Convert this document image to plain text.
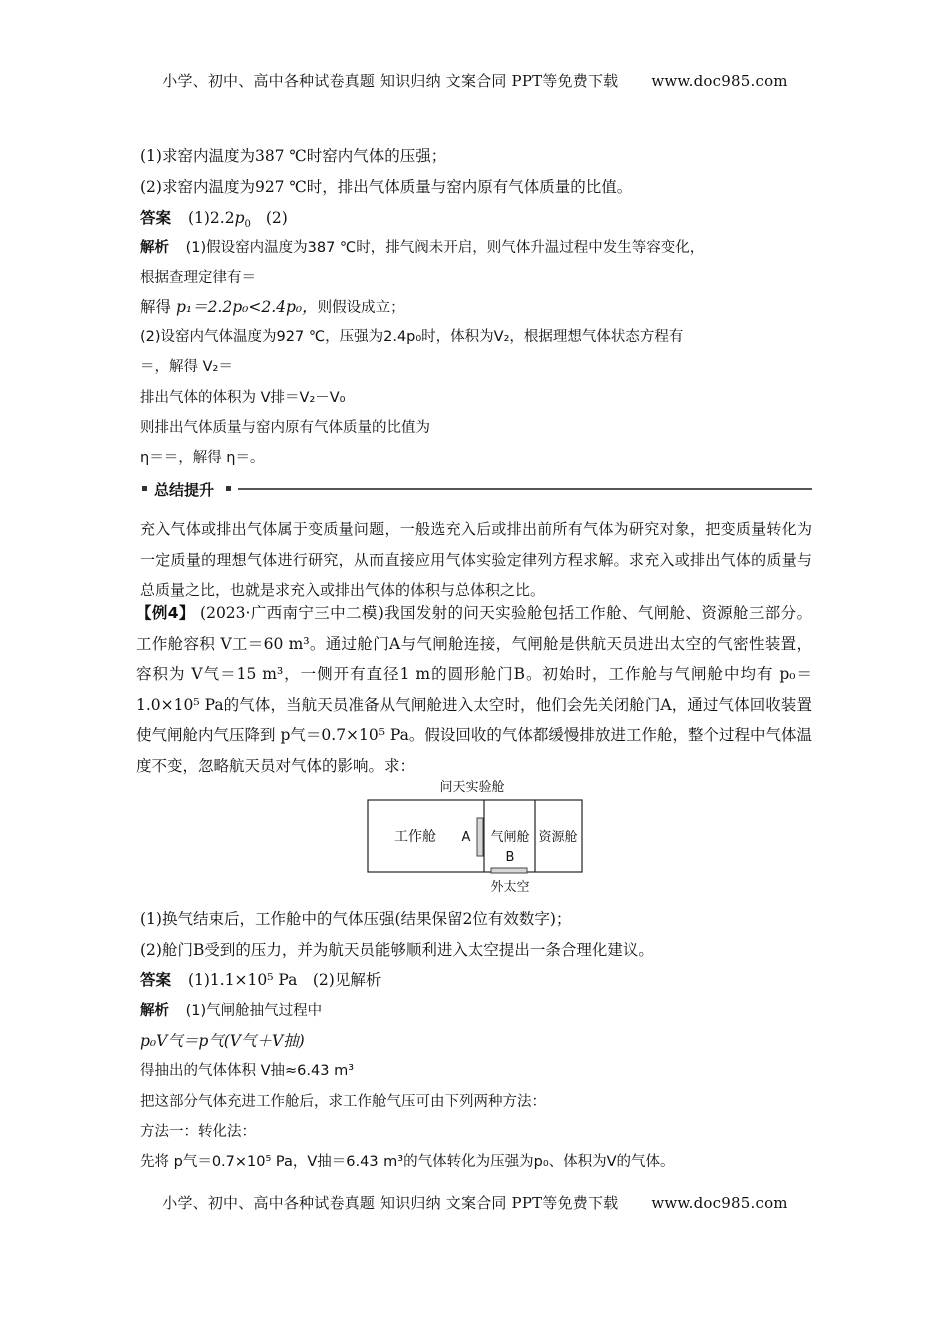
小学、初中、高中各种试卷真题 知识归纳 文案合同 PPT等免费下载 www.doc985.com
(1)求窑内温度为387 ℃时窑内气体的压强；
(2)求窑内温度为927 ℃时，排出气体质量与窑内原有气体质量的比值。
答案 $(1)2.2p_0$ (2)
解析 (1)假设窑内温度为387 ℃时，排气阀未开启，则气体升温过程中发生等容变化，
根据查理定律有＝
解得 p₁＝2.2p₀<2.4p₀，则假设成立；
(2)设窑内气体温度为927 ℃，压强为2.4p₀时，体积为V₂，根据理想气体状态方程有
＝，解得 V₂＝
排出气体的体积为 V排＝V₂－V₀
则排出气体质量与窑内原有气体质量的比值为
η＝＝，解得 η＝。
总结提升
充入气体或排出气体属于变质量问题，一般选充入后或排出前所有气体为研究对象，把变质量转化为一定质量的理想气体进行研究，从而直接应用气体实验定律列方程求解。求充入或排出气体的质量与总质量之比，也就是求充入或排出气体的体积与总体积之比。
【例4】 (2023·广西南宁三中二模)我国发射的问天实验舱包括工作舱、气闸舱、资源舱三部分。工作舱容积 V工＝60 m³。通过舱门A与气闸舱连接，气闸舱是供航天员进出太空的气密性装置，容积为 V气＝15 m³，一侧开有直径1 m的圆形舱门B。初始时，工作舱与气闸舱中均有 p₀＝1.0×10⁵ Pa的气体，当航天员准备从气闸舱进入太空时，他们会先关闭舱门A，通过气体回收装置使气闸舱内气压降到 p气＝0.7×10⁵ Pa。假设回收的气体都缓慢排放进工作舱，整个过程中气体温度不变，忽略航天员对气体的影响。求：
问天实验舱
工作舱 A 气闸舱
B
资源舱
外太空
(1)换气结束后，工作舱中的气体压强(结果保留2位有效数字)；
(2)舱门B受到的压力，并为航天员能够顺利进入太空提出一条合理化建议。
答案 (1)1.1×10⁵ Pa　(2)见解析
解析 (1)气闸舱抽气过程中
p₀V气＝p气(V气＋V抽)
得抽出的气体体积 V抽≈6.43 m³
把这部分气体充进工作舱后，求工作舱气压可由下列两种方法：
方法一：转化法：
先将 p气＝0.7×10⁵ Pa，V抽＝6.43 m³的气体转化为压强为p₀、体积为V的气体。
小学、初中、高中各种试卷真题 知识归纳 文案合同 PPT等免费下载 www.doc985.com
